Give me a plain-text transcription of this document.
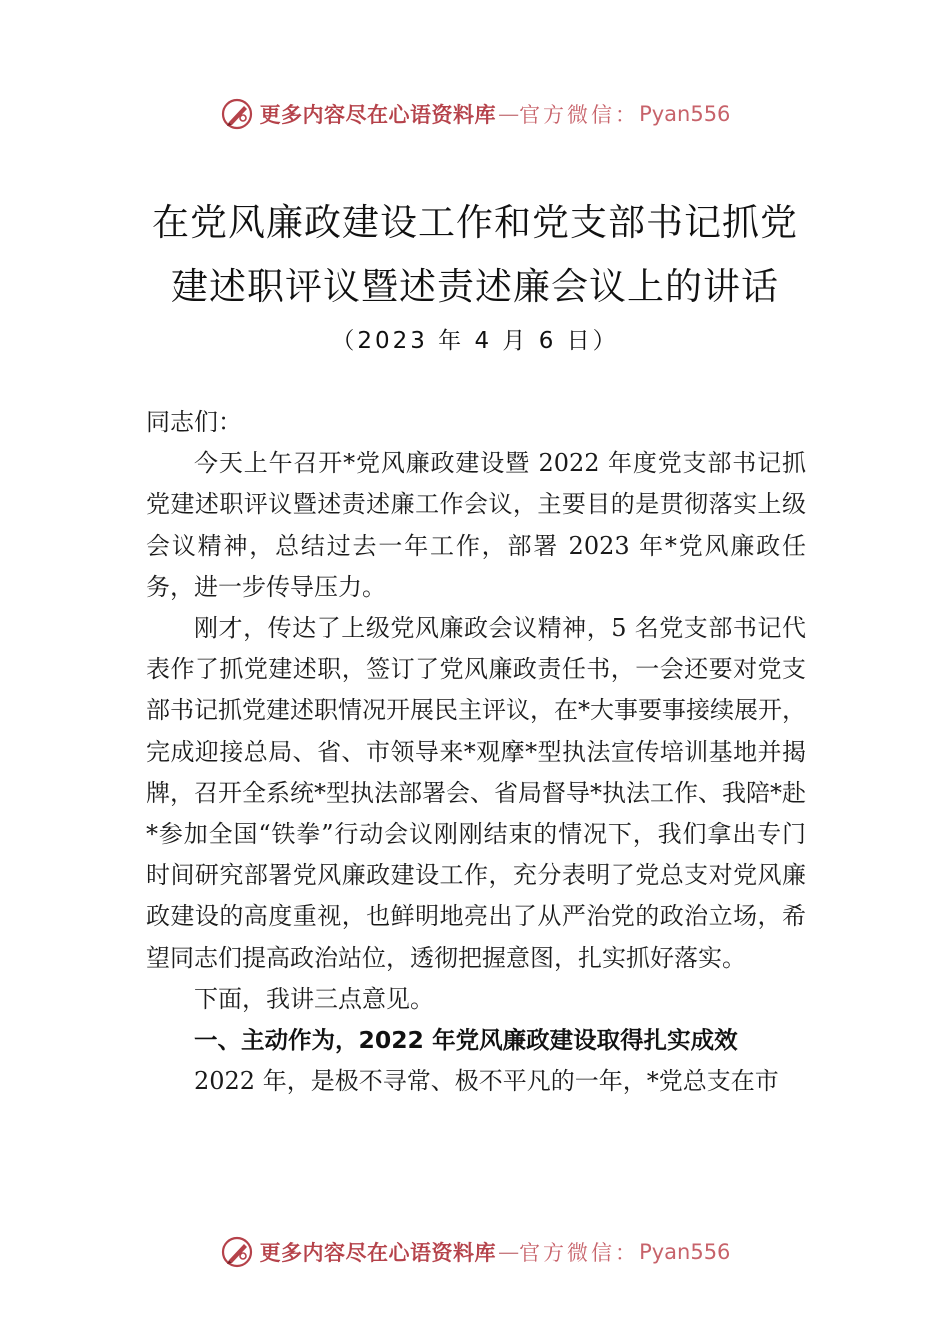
更多内容尽在心语资料库 — 官方微信： Pyan556
在党风廉政建设工作和党支部书记抓党
建述职评议暨述责述廉会议上的讲话
（2023 年 4 月 6 日）

同志们：

今天上午召开*党风廉政建设暨 2022 年度党支部书记抓党建述职评议暨述责述廉工作会议，主要目的是贯彻落实上级会议精神，总结过去一年工作，部署 2023 年*党风廉政任务，进一步传导压力。

刚才，传达了上级党风廉政会议精神，5 名党支部书记代表作了抓党建述职，签订了党风廉政责任书，一会还要对党支部书记抓党建述职情况开展民主评议，在*大事要事接续展开，完成迎接总局、省、市领导来*观摩*型执法宣传培训基地并揭牌，召开全系统*型执法部署会、省局督导*执法工作、我陪*赴*参加全国“铁拳”行动会议刚刚结束的情况下，我们拿出专门时间研究部署党风廉政建设工作，充分表明了党总支对党风廉政建设的高度重视，也鲜明地亮出了从严治党的政治立场，希望同志们提高政治站位，透彻把握意图，扎实抓好落实。

下面，我讲三点意见。

一、主动作为，2022 年党风廉政建设取得扎实成效

2022 年，是极不寻常、极不平凡的一年，*党总支在市

更多内容尽在心语资料库 — 官方微信： Pyan556
